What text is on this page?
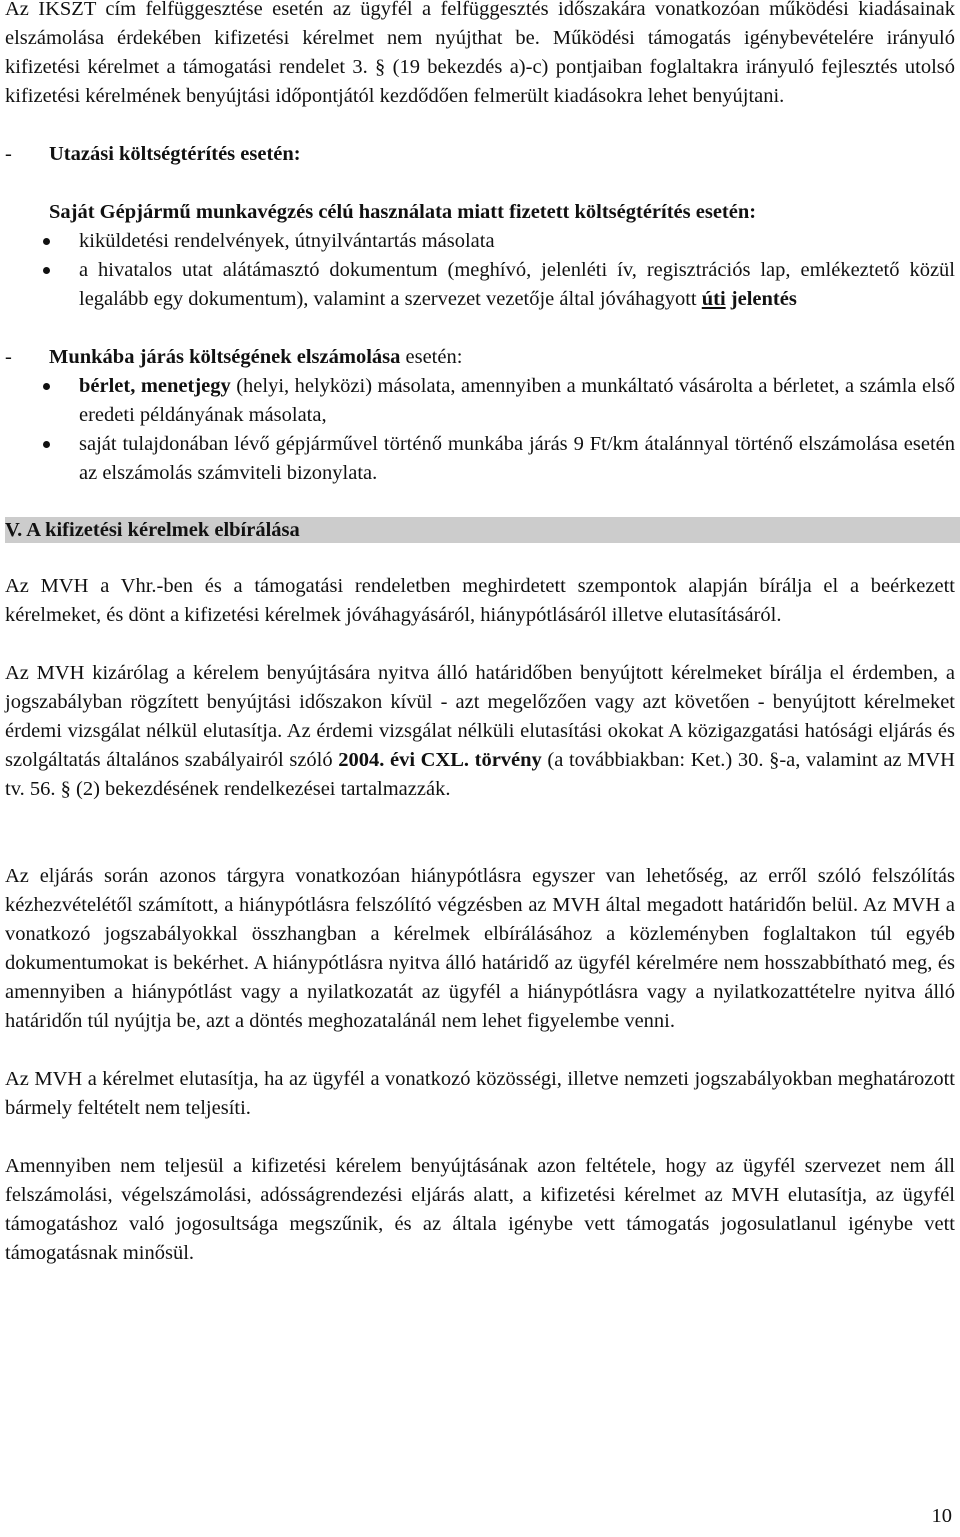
Az IKSZT cím felfüggesztése esetén az ügyfél a felfüggesztés időszakára vonatkozóan működési kiadásainak elszámolása érdekében kifizetési kérelmet nem nyújthat be. Működési támogatás igénybevételére irányuló kifizetési kérelmet a támogatási rendelet 3. § (19 bekezdés a)-c) pontjaiban foglaltakra irányuló fejlesztés utolsó kifizetési kérelmének benyújtási időpontjától kezdődően felmerült kiadásokra lehet benyújtani.

-	Utazási költségtérítés esetén:

Saját Gépjármű munkavégzés célú használata miatt fizetett költségtérítés esetén:

kiküldetési rendelvények, útnyilvántartás másolata
a hivatalos utat alátámasztó dokumentum (meghívó, jelenléti ív, regisztrációs lap, emlékeztető közül legalább egy dokumentum), valamint a szervezet vezetője által jóváhagyott úti jelentés
-	Munkába járás költségének elszámolása esetén:
bérlet, menetjegy (helyi, helyközi) másolata, amennyiben a munkáltató vásárolta a bérletet, a számla első eredeti példányának másolata,
saját tulajdonában lévő gépjárművel történő munkába járás 9 Ft/km átalánnyal történő elszámolása esetén az elszámolás számviteli bizonylata.
V. A kifizetési kérelmek elbírálása

Az MVH a Vhr.-ben és a támogatási rendeletben meghirdetett szempontok alapján bírálja el a beérkezett kérelmeket, és dönt a kifizetési kérelmek jóváhagyásáról, hiánypótlásáról illetve elutasításáról.

Az MVH kizárólag a kérelem benyújtására nyitva álló határidőben benyújtott kérelmeket bírálja el érdemben, a jogszabályban rögzített benyújtási időszakon kívül - azt megelőzően vagy azt követően - benyújtott kérelmeket érdemi vizsgálat nélkül elutasítja. Az érdemi vizsgálat nélküli elutasítási okokat A közigazgatási hatósági eljárás és szolgáltatás általános szabályairól szóló 2004. évi CXL. törvény (a továbbiakban: Ket.) 30. §-a, valamint az MVH tv. 56. § (2) bekezdésének rendelkezései tartalmazzák.

Az eljárás során azonos tárgyra vonatkozóan hiánypótlásra egyszer van lehetőség, az erről szóló felszólítás kézhezvételétől számított, a hiánypótlásra felszólító végzésben az MVH által megadott határidőn belül. Az MVH a vonatkozó jogszabályokkal összhangban a kérelmek elbírálásához a közleményben foglaltakon túl egyéb dokumentumokat is bekérhet. A hiánypótlásra nyitva álló határidő az ügyfél kérelmére nem hosszabbítható meg, és amennyiben a hiánypótlást vagy a nyilatkozatát az ügyfél a hiánypótlásra vagy a nyilatkozattételre nyitva álló határidőn túl nyújtja be, azt a döntés meghozatalánál nem lehet figyelembe venni.

Az MVH a kérelmet elutasítja, ha az ügyfél a vonatkozó közösségi, illetve nemzeti jogszabályokban meghatározott bármely feltételt nem teljesíti.

Amennyiben nem teljesül a kifizetési kérelem benyújtásának azon feltétele, hogy az ügyfél szervezet nem áll felszámolási, végelszámolási, adósságrendezési eljárás alatt, a kifizetési kérelmet az MVH elutasítja, az ügyfél támogatáshoz való jogosultsága megszűnik, és az általa igénybe vett támogatás jogosulatlanul igénybe vett támogatásnak minősül.

10
